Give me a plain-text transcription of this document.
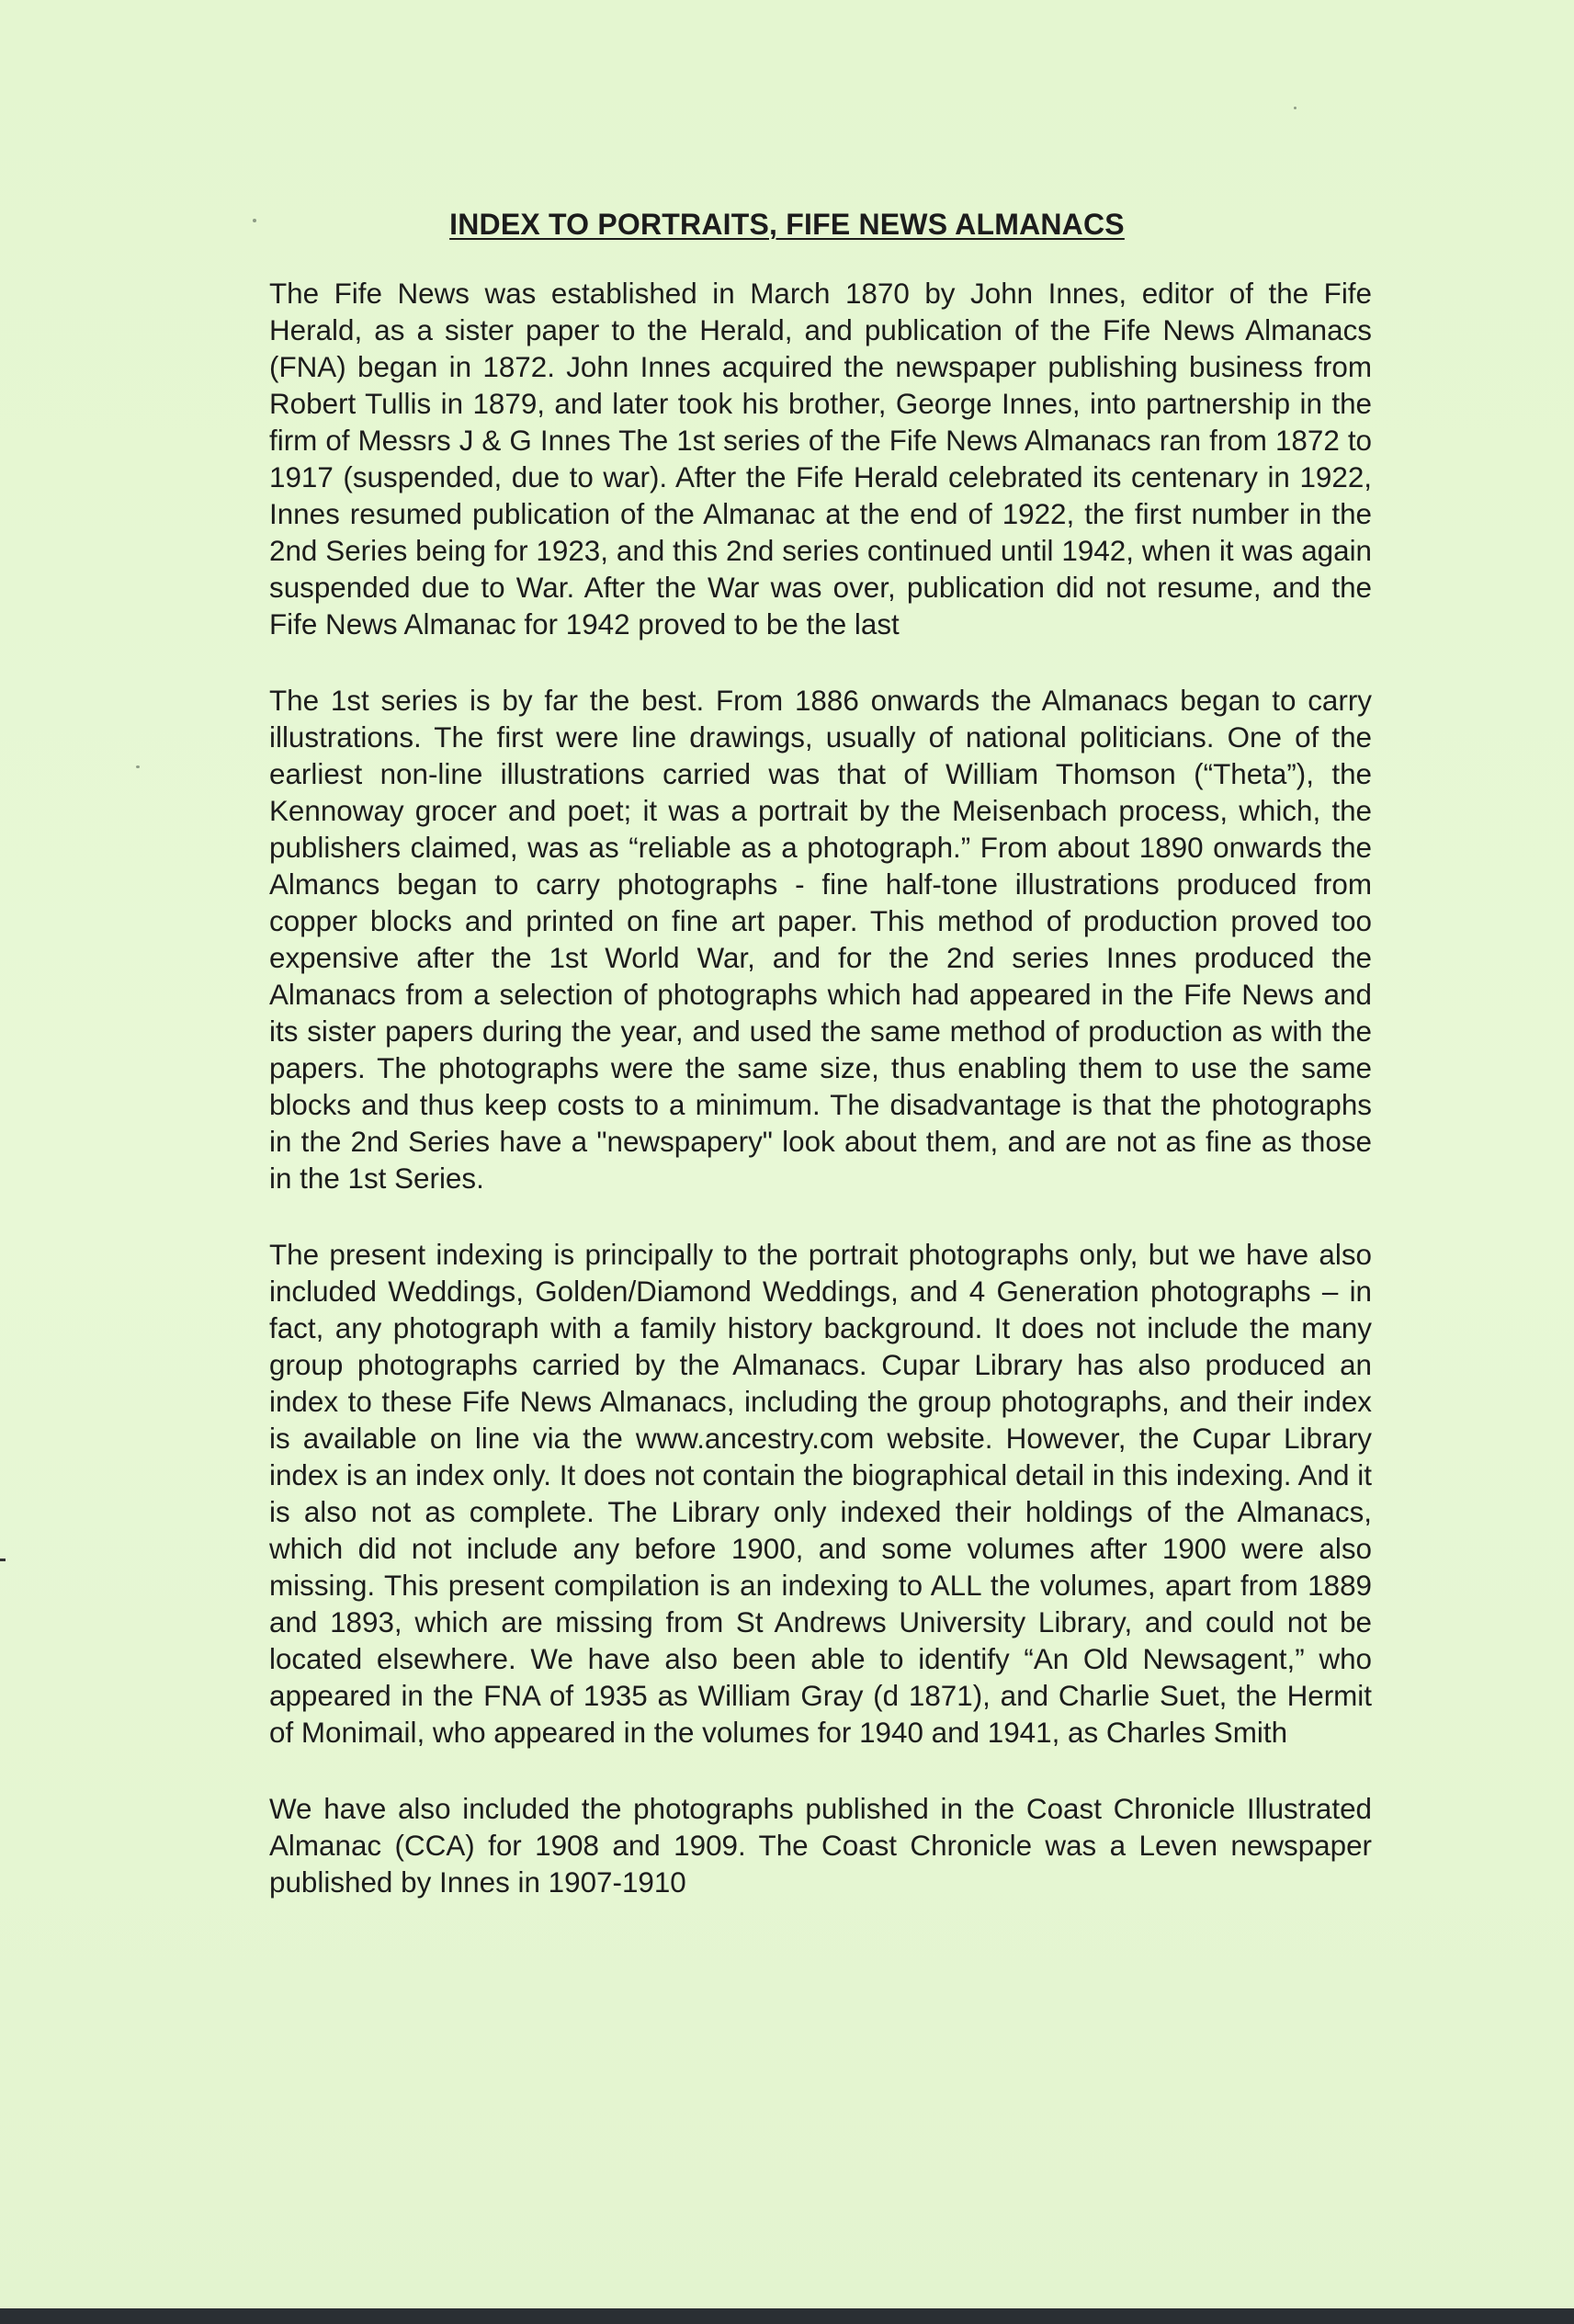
INDEX TO PORTRAITS, FIFE NEWS ALMANACS

The Fife News was established in March 1870 by John Innes, editor of the Fife Herald, as a sister paper to the Herald, and publication of the Fife News Almanacs (FNA) began in 1872. John Innes acquired the newspaper publishing business from Robert Tullis in 1879, and later took his brother, George Innes, into partnership in the firm of Messrs J & G Innes The 1st series of the Fife News Almanacs ran from 1872 to 1917 (suspended, due to war). After the Fife Herald celebrated its centenary in 1922, Innes resumed publication of the Almanac at the end of 1922, the first number in the 2nd Series being for 1923, and this 2nd series continued until 1942, when it was again suspended due to War. After the War was over, publication did not resume, and the Fife News Almanac for 1942 proved to be the last

The 1st series is by far the best. From 1886 onwards the Almanacs began to carry illustrations. The first were line drawings, usually of national politicians. One of the earliest non-line illustrations carried was that of William Thomson (“Theta”), the Kennoway grocer and poet; it was a portrait by the Meisenbach process, which, the publishers claimed, was as “reliable as a photograph.” From about 1890 onwards the Almancs began to carry photographs - fine half-tone illustrations produced from copper blocks and printed on fine art paper. This method of production proved too expensive after the 1st World War, and for the 2nd series Innes produced the Almanacs from a selection of photographs which had appeared in the Fife News and its sister papers during the year, and used the same method of production as with the papers. The photographs were the same size, thus enabling them to use the same blocks and thus keep costs to a minimum. The disadvantage is that the photographs in the 2nd Series have a "newspapery" look about them, and are not as fine as those in the 1st Series.

The present indexing is principally to the portrait photographs only, but we have also included Weddings, Golden/Diamond Weddings, and 4 Generation photographs – in fact, any photograph with a family history background. It does not include the many group photographs carried by the Almanacs. Cupar Library has also produced an index to these Fife News Almanacs, including the group photographs, and their index is available on line via the www.ancestry.com website. However, the Cupar Library index is an index only. It does not contain the biographical detail in this indexing. And it is also not as complete. The Library only indexed their holdings of the Almanacs, which did not include any before 1900, and some volumes after 1900 were also missing. This present compilation is an indexing to ALL the volumes, apart from 1889 and 1893, which are missing from St Andrews University Library, and could not be located elsewhere. We have also been able to identify “An Old Newsagent,” who appeared in the FNA of 1935 as William Gray (d 1871), and Charlie Suet, the Hermit of Monimail, who appeared in the volumes for 1940 and 1941, as Charles Smith

We have also included the photographs published in the Coast Chronicle Illustrated Almanac (CCA) for 1908 and 1909. The Coast Chronicle was a Leven newspaper published by Innes in 1907-1910
